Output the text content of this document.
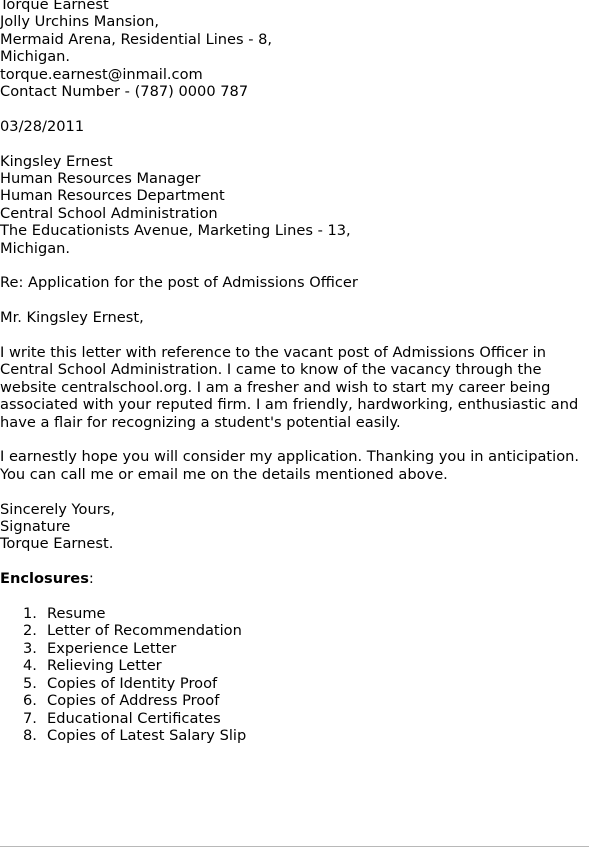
Torque Earnest

Jolly Urchins Mansion,

Mermaid Arena, Residential Lines - 8,

Michigan.

torque.earnest@inmail.com

Contact Number - (787) 0000 787

03/28/2011

Kingsley Ernest

Human Resources Manager

Human Resources Department

Central School Administration

The Educationists Avenue, Marketing Lines - 13,

Michigan.

Re: Application for the post of Admissions Officer

Mr. Kingsley Ernest,

I write this letter with reference to the vacant post of Admissions Officer in

Central School Administration. I came to know of the vacancy through the

website centralschool.org. I am a fresher and wish to start my career being

associated with your reputed firm. I am friendly, hardworking, enthusiastic and

have a flair for recognizing a student's potential easily.

I earnestly hope you will consider my application. Thanking you in anticipation.

You can call me or email me on the details mentioned above.

Sincerely Yours,

Signature

Torque Earnest.

Enclosures:

1. Resume
2. Letter of Recommendation
3. Experience Letter
4. Relieving Letter
5. Copies of Identity Proof
6. Copies of Address Proof
7. Educational Certificates
8. Copies of Latest Salary Slip
